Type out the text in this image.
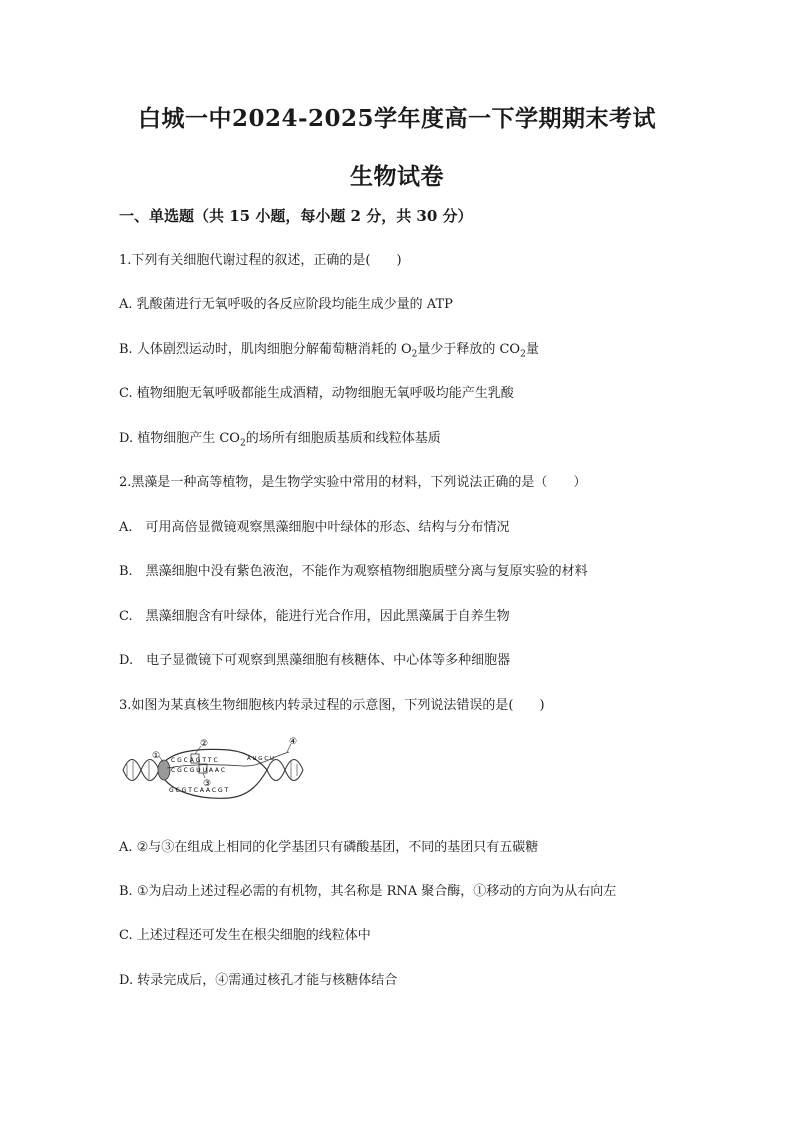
白城一中2024-2025学年度高一下学期期末考试
生物试卷
一、单选题（共 15 小题，每小题 2 分，共 30 分）
1.下列有关细胞代谢过程的叙述，正确的是(　　)
A. 乳酸菌进行无氧呼吸的各反应阶段均能生成少量的 ATP
B. 人体剧烈运动时，肌肉细胞分解葡萄糖消耗的 $O_2$量少于释放的 $CO_2$量
C. 植物细胞无氧呼吸都能生成酒精，动物细胞无氧呼吸均能产生乳酸
D. 植物细胞产生 $CO_2$的场所有细胞质基质和线粒体基质
2.黑藻是一种高等植物，是生物学实验中常用的材料，下列说法正确的是（　　）
A.　可用高倍显微镜观察黑藻细胞中叶绿体的形态、结构与分布情况
B.　黑藻细胞中没有紫色液泡，不能作为观察植物细胞质壁分离与复原实验的材料
C.　黑藻细胞含有叶绿体，能进行光合作用，因此黑藻属于自养生物
D.　电子显微镜下可观察到黑藻细胞有核糖体、中心体等多种细胞器
3.如图为某真核生物细胞核内转录过程的示意图，下列说法错误的是(　　)
C G C A G T T C
C G C G U U A A C
A U G C U
G C G T C A A C G T
①
②
③
④
A. ②与③在组成上相同的化学基团只有磷酸基团，不同的基团只有五碳糖
B. ①为启动上述过程必需的有机物，其名称是 RNA 聚合酶，①移动的方向为从右向左
C. 上述过程还可发生在根尖细胞的线粒体中
D. 转录完成后，④需通过核孔才能与核糖体结合
